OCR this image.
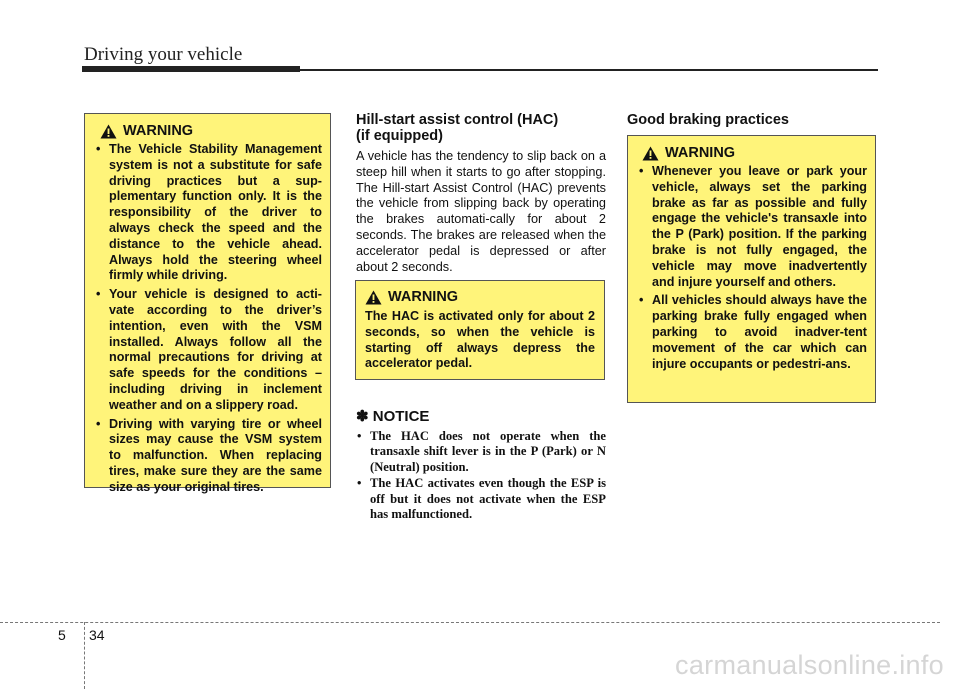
Driving your vehicle
WARNING
• The Vehicle Stability Management system is not a substitute for safe driving practices but a sup-plementary function only. It is the responsibility of the driver to always check the speed and the distance to the vehicle ahead. Always hold the steering wheel firmly while driving.
• Your vehicle is designed to acti-vate according to the driver’s intention, even with the VSM installed. Always follow all the normal precautions for driving at safe speeds for the conditions – including driving in inclement weather and on a slippery road.
• Driving with varying tire or wheel sizes may cause the VSM system to malfunction. When replacing tires, make sure they are the same size as your original tires.
Hill-start assist control (HAC)
(if equipped)
A vehicle has the tendency to slip back on a steep hill when it starts to go after stopping. The Hill-start Assist Control (HAC) prevents the vehicle from slipping back by operating the brakes automati-cally for about 2 seconds. The brakes are released when the accelerator pedal is depressed or after about 2 seconds.
WARNING
The HAC is activated only for about 2 seconds, so when the vehicle is starting off always depress the accelerator pedal.
✽ NOTICE
• The HAC does not operate when the transaxle shift lever is in the P (Park) or N (Neutral) position.
• The HAC activates even though the ESP is off but it does not activate when the ESP has malfunctioned.
Good braking practices
WARNING
• Whenever you leave or park your vehicle, always set the parking brake as far as possible and fully engage the vehicle's transaxle into the P (Park) position. If the parking brake is not fully engaged, the vehicle may move inadvertently and injure yourself and others.
• All vehicles should always have the parking brake fully engaged when parking to avoid inadver-tent movement of the car which can injure occupants or pedestri-ans.
5 34
carmanualsonline.info
